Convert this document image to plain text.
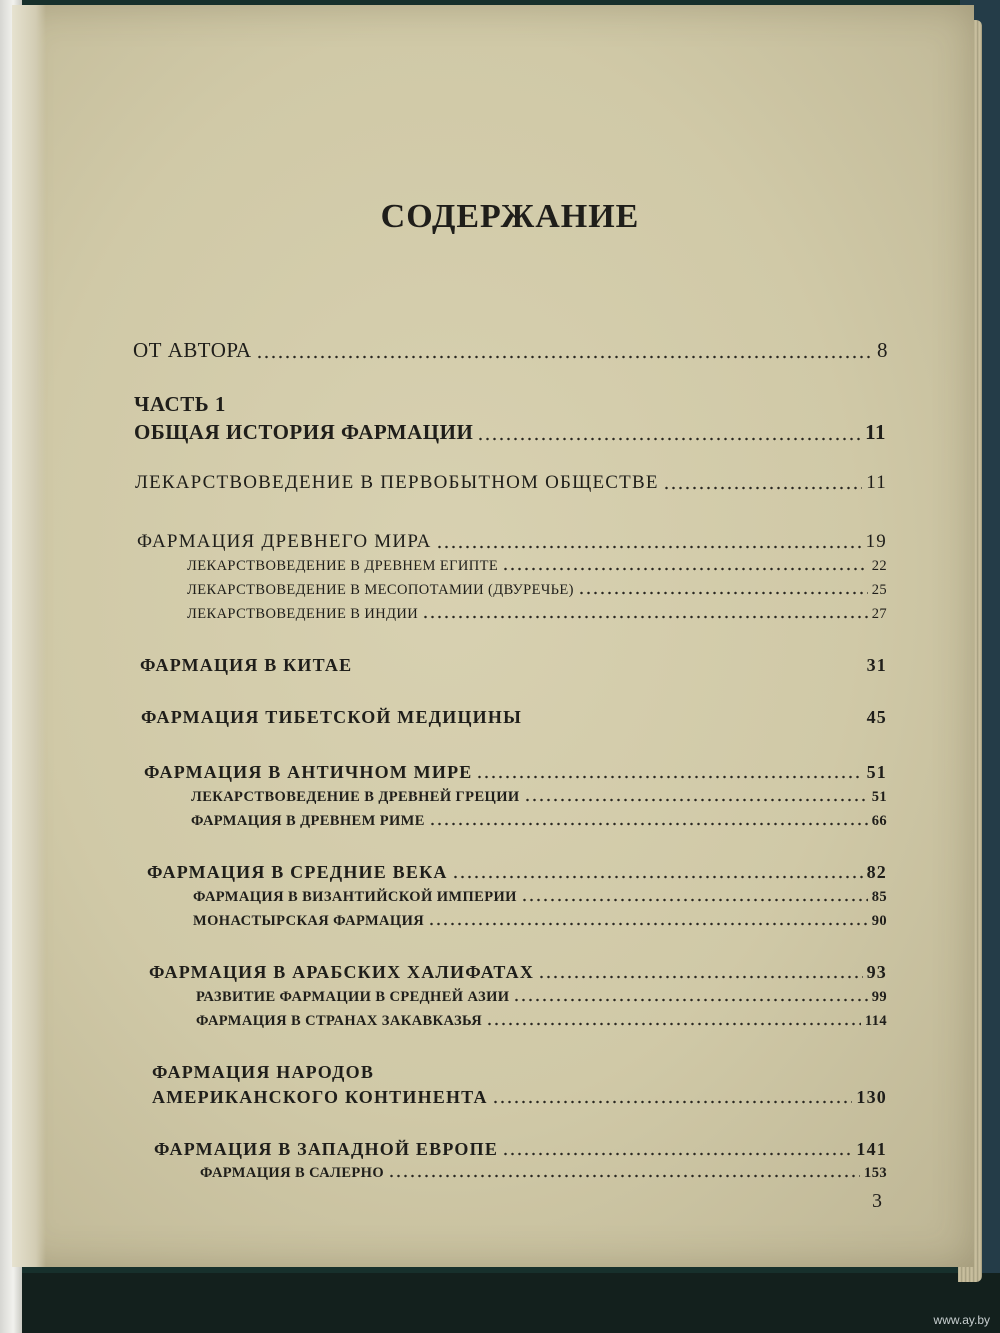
СОДЕРЖАНИЕ
ОТ АВТОРА	8
ЧАСТЬ 1
ОБЩАЯ ИСТОРИЯ ФАРМАЦИИ	11
ЛЕКАРСТВОВЕДЕНИЕ В ПЕРВОБЫТНОМ ОБЩЕСТВЕ	11
ФАРМАЦИЯ ДРЕВНЕГО МИРА	19
ЛЕКАРСТВОВЕДЕНИЕ В ДРЕВНЕМ ЕГИПТЕ	22
ЛЕКАРСТВОВЕДЕНИЕ В МЕСОПОТАМИИ (ДВУРЕЧЬЕ)	25
ЛЕКАРСТВОВЕДЕНИЕ В ИНДИИ	27
ФАРМАЦИЯ В КИТАЕ	31
ФАРМАЦИЯ ТИБЕТСКОЙ МЕДИЦИНЫ	45
ФАРМАЦИЯ В АНТИЧНОМ МИРЕ	51
ЛЕКАРСТВОВЕДЕНИЕ В ДРЕВНЕЙ ГРЕЦИИ	51
ФАРМАЦИЯ В ДРЕВНЕМ РИМЕ	66
ФАРМАЦИЯ В СРЕДНИЕ ВЕКА	82
ФАРМАЦИЯ В ВИЗАНТИЙСКОЙ ИМПЕРИИ	85
МОНАСТЫРСКАЯ ФАРМАЦИЯ	90
ФАРМАЦИЯ В АРАБСКИХ ХАЛИФАТАХ	93
РАЗВИТИЕ ФАРМАЦИИ В СРЕДНЕЙ АЗИИ	99
ФАРМАЦИЯ В СТРАНАХ ЗАКАВКАЗЬЯ	114
ФАРМАЦИЯ НАРОДОВ
АМЕРИКАНСКОГО КОНТИНЕНТА	130
ФАРМАЦИЯ В ЗАПАДНОЙ ЕВРОПЕ	141
ФАРМАЦИЯ В САЛЕРНО	153
3
www.ay.by
